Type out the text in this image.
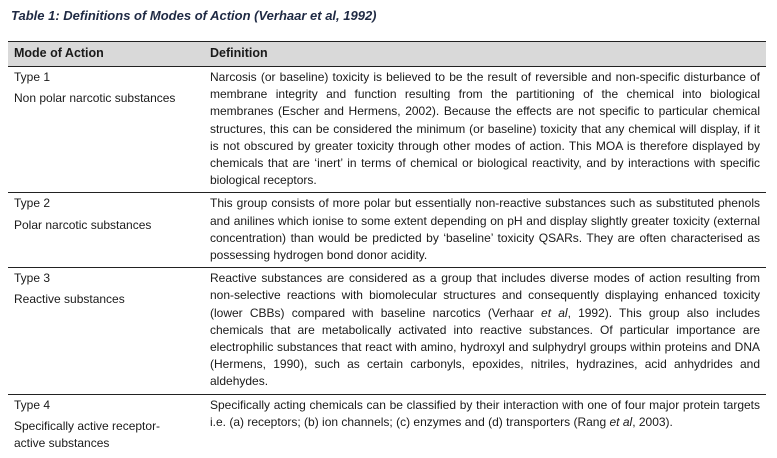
Table 1: Definitions of Modes of Action (Verhaar et al, 1992)
Mode of Action	Definition

Type 1
Non polar narcotic substances	Narcosis (or baseline) toxicity is believed to be the result of reversible and non-specific disturbance of membrane integrity and function resulting from the partitioning of the chemical into biological membranes (Escher and Hermens, 2002). Because the effects are not specific to particular chemical structures, this can be considered the minimum (or baseline) toxicity that any chemical will display, if it is not obscured by greater toxicity through other modes of action. This MOA is therefore displayed by chemicals that are ‘inert’ in terms of chemical or biological reactivity, and by interactions with specific biological receptors.

Type 2
Polar narcotic substances	This group consists of more polar but essentially non-reactive substances such as substituted phenols and anilines which ionise to some extent depending on pH and display slightly greater toxicity (external concentration) than would be predicted by ‘baseline’ toxicity QSARs. They are often characterised as possessing hydrogen bond donor acidity.

Type 3
Reactive substances	Reactive substances are considered as a group that includes diverse modes of action resulting from non-selective reactions with biomolecular structures and consequently displaying enhanced toxicity (lower CBBs) compared with baseline narcotics (Verhaar et al, 1992). This group also includes chemicals that are metabolically activated into reactive substances. Of particular importance are electrophilic substances that react with amino, hydroxyl and sulphydryl groups within proteins and DNA (Hermens, 1990), such as certain carbonyls, epoxides, nitriles, hydrazines, acid anhydrides and aldehydes.

Type 4
Specifically active receptor-active substances	Specifically acting chemicals can be classified by their interaction with one of four major protein targets i.e. (a) receptors; (b) ion channels; (c) enzymes and (d) transporters (Rang et al, 2003).
